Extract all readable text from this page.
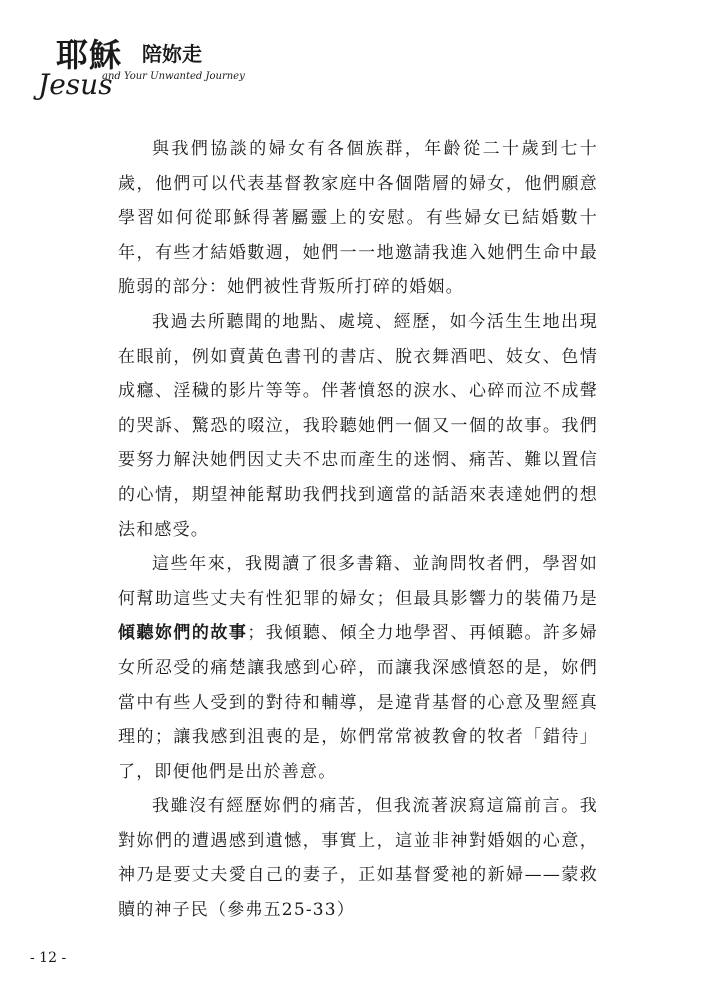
耶穌 陪妳走
Jesus
and Your Unwanted Journey

與我們協談的婦女有各個族群，年齡從二十歲到七十歲，他們可以代表基督教家庭中各個階層的婦女，他們願意學習如何從耶穌得著屬靈上的安慰。有些婦女已結婚數十年，有些才結婚數週，她們一一地邀請我進入她們生命中最脆弱的部分：她們被性背叛所打碎的婚姻。

我過去所聽聞的地點、處境、經歷，如今活生生地出現在眼前，例如賣黃色書刊的書店、脫衣舞酒吧、妓女、色情成癮、淫穢的影片等等。伴著憤怒的淚水、心碎而泣不成聲的哭訴、驚恐的啜泣，我聆聽她們一個又一個的故事。我們要努力解決她們因丈夫不忠而產生的迷惘、痛苦、難以置信的心情，期望神能幫助我們找到適當的話語來表達她們的想法和感受。

這些年來，我閱讀了很多書籍、並詢問牧者們，學習如何幫助這些丈夫有性犯罪的婦女；但最具影響力的裝備乃是傾聽妳們的故事；我傾聽、傾全力地學習、再傾聽。許多婦女所忍受的痛楚讓我感到心碎，而讓我深感憤怒的是，妳們當中有些人受到的對待和輔導，是違背基督的心意及聖經真理的；讓我感到沮喪的是，妳們常常被教會的牧者「錯待」了，即便他們是出於善意。

我雖沒有經歷妳們的痛苦，但我流著淚寫這篇前言。我對妳們的遭遇感到遺憾，事實上，這並非神對婚姻的心意，神乃是要丈夫愛自己的妻子，正如基督愛祂的新婦——蒙救贖的神子民（參弗五25-33）

- 12 -
